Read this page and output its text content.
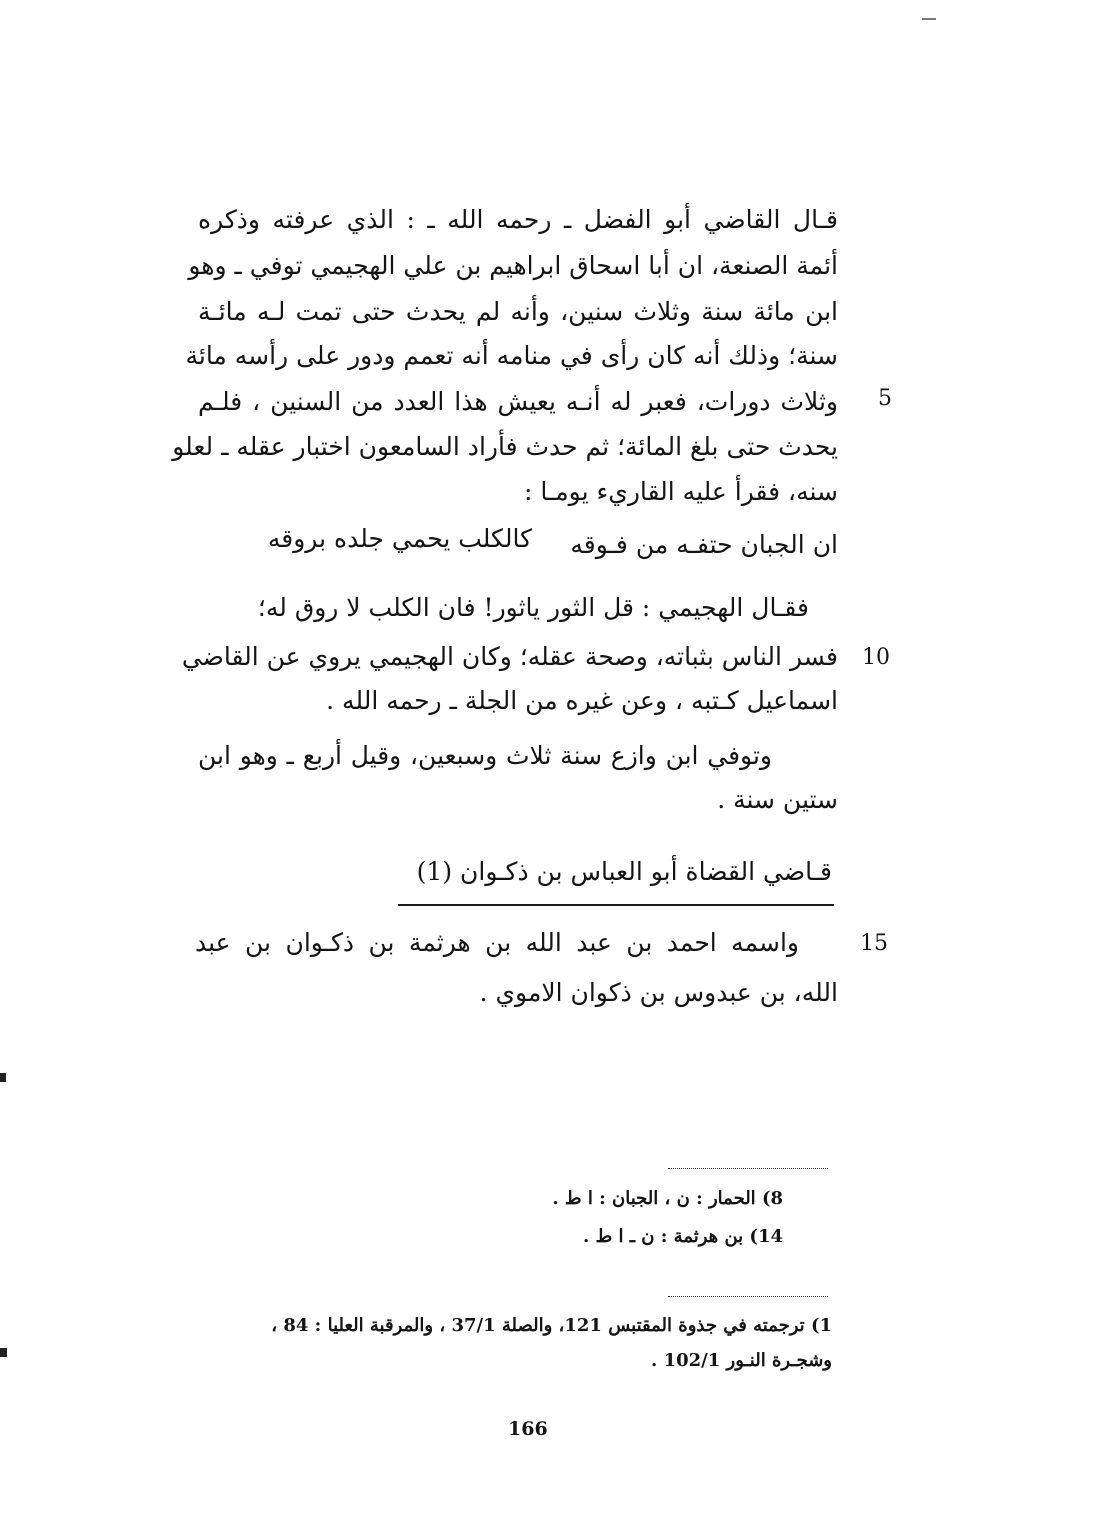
قـال القاضي أبو الفضل ـ رحمه الله ـ : الذي عرفته وذكره
أئمة الصنعة، ان أبا اسحاق ابراهيم بن علي الهجيمي توفي ـ وهو
ابن مائة سنة وثلاث سنين، وأنه لم يحدث حتى تمت لـه مائـة
سنة؛ وذلك أنه كان رأى في منامه أنه تعمم ودور على رأسه مائة
وثلاث دورات، فعبر له أنـه يعيش هذا العدد من السنين ، فلـم 5
يحدث حتى بلغ المائة؛ ثم حدث فأراد السامعون اختبار عقله ـ لعلو
سنه، فقرأ عليه القاريء يومـا :
ان الجبان حتفـه من فـوقه
كالكلب يحمي جلده بروقه
فقـال الهجيمي : قل الثور ياثور! فان الكلب لا روق له؛
فسر الناس بثباته، وصحة عقله؛ وكان الهجيمي يروي عن القاضي 10
اسماعيل كـتبه ، وعن غيره من الجلة ـ رحمه الله .
وتوفي ابن وازع سنة ثلاث وسبعين، وقيل أربع ـ وهو ابن
ستين سنة .
قـاضي القضاة أبو العباس بن ذكـوان (1)
واسمه احمد بن عبد الله بن هرثمة بن ذكـوان بن عبد	15
الله، بن عبدوس بن ذكوان الاموي .
8) الحمار : ن ، الجبان : ا ط .
14) بن هرثمة : ن ـ ا ط .
1) ترجمته في جذوة المقتبس 121، والصلة 37/1 ، والمرقبة العليا : 84 ،
وشجـرة النـور 102/1 .
166
